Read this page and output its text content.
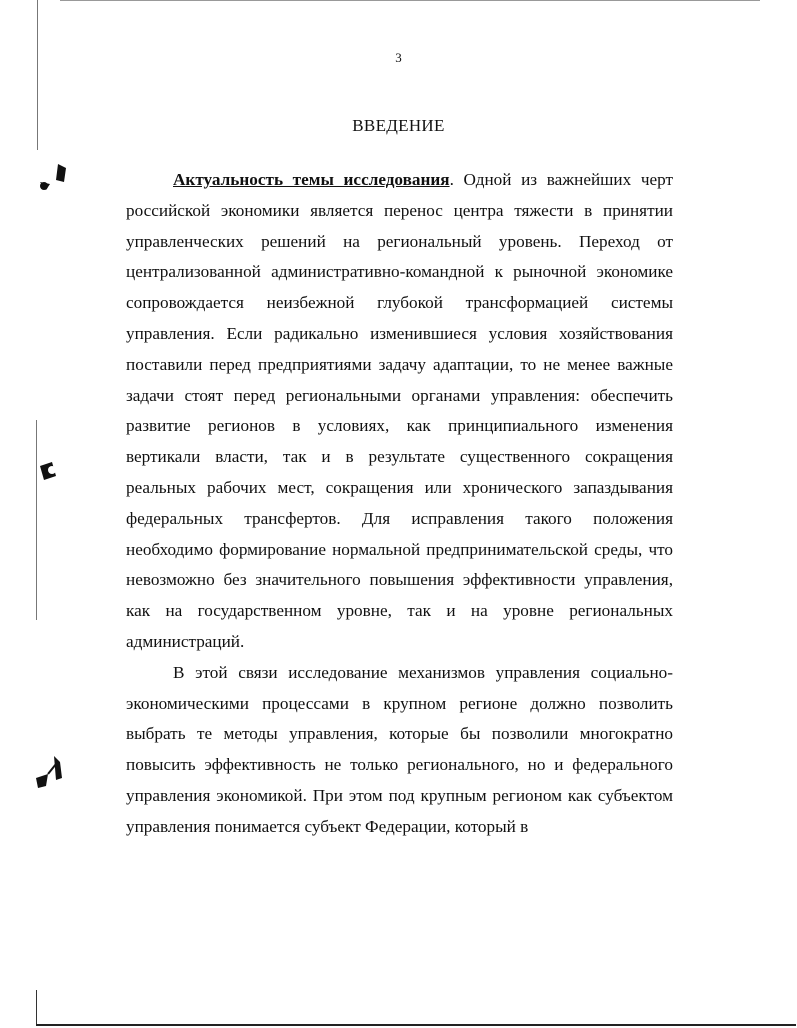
3
ВВЕДЕНИЕ

Актуальность темы исследования. Одной из важнейших черт российской экономики является перенос центра тяжести в принятии управленческих решений на региональный уровень. Переход от централизованной административно-командной к рыночной экономике сопровождается неизбежной глубокой трансформацией системы управления. Если радикально изменившиеся условия хозяйствования поставили перед предприятиями задачу адаптации, то не менее важные задачи стоят перед региональными органами управления: обеспечить развитие регионов в условиях, как принципиального изменения вертикали власти, так и в результате существенного сокращения реальных рабочих мест, сокращения или хронического запаздывания федеральных трансфертов. Для исправления такого положения необходимо формирование нормальной предпринимательской среды, что невозможно без значительного повышения эффективности управления, как на государственном уровне, так и на уровне региональных администраций.

В этой связи исследование механизмов управления социально-экономическими процессами в крупном регионе должно позволить выбрать те методы управления, которые бы позволили многократно повысить эффективность не только регионального, но и федерального управления экономикой. При этом под крупным регионом как субъектом управления понимается субъект Федерации, который в
